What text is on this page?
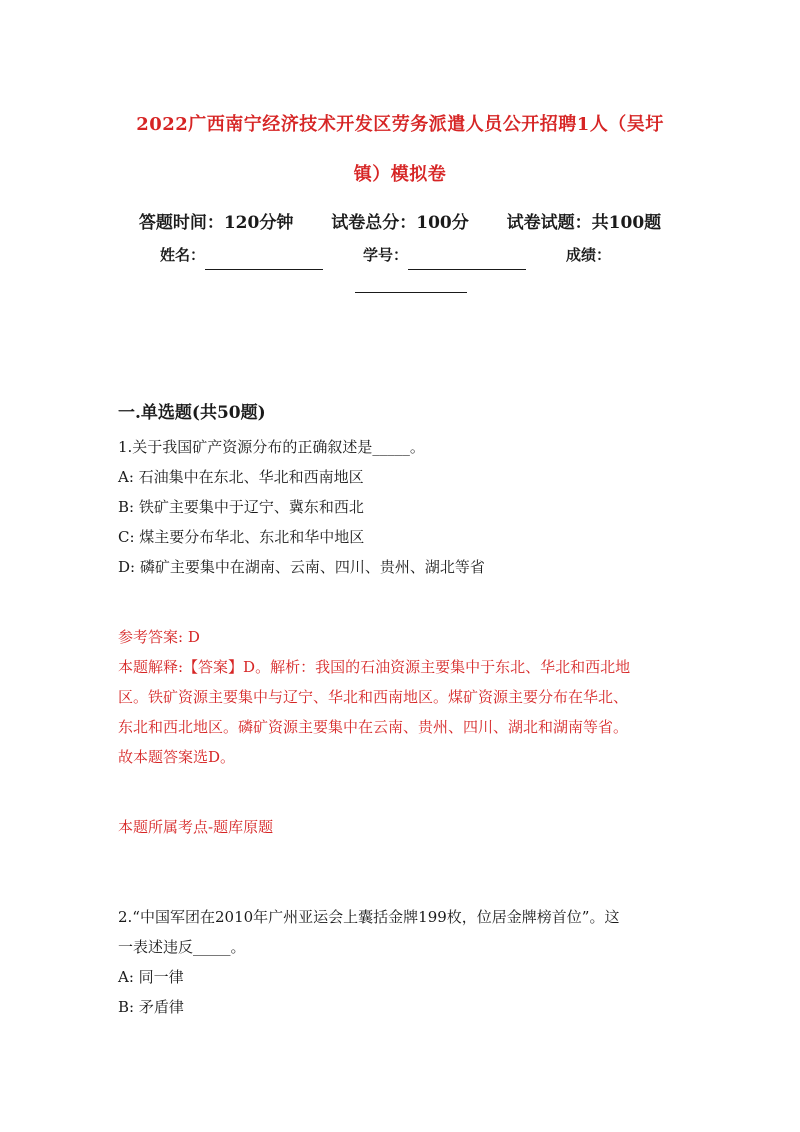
2022广西南宁经济技术开发区劳务派遣人员公开招聘1人（吴圩
镇）模拟卷
答题时间：120分钟 试卷总分：100分 试卷试题：共100题
姓名：	学号：	成绩：
一.单选题(共50题)

1.关于我国矿产资源分布的正确叙述是_____。

A: 石油集中在东北、华北和西南地区

B: 铁矿主要集中于辽宁、冀东和西北

C: 煤主要分布华北、东北和华中地区

D: 磷矿主要集中在湖南、云南、四川、贵州、湖北等省

参考答案: D

本题解释:【答案】D。解析：我国的石油资源主要集中于东北、华北和西北地

区。铁矿资源主要集中与辽宁、华北和西南地区。煤矿资源主要分布在华北、

东北和西北地区。磷矿资源主要集中在云南、贵州、四川、湖北和湖南等省。

故本题答案选D。

本题所属考点-题库原题

2.“中国军团在2010年广州亚运会上囊括金牌199枚，位居金牌榜首位”。这

一表述违反_____。

A: 同一律

B: 矛盾律
